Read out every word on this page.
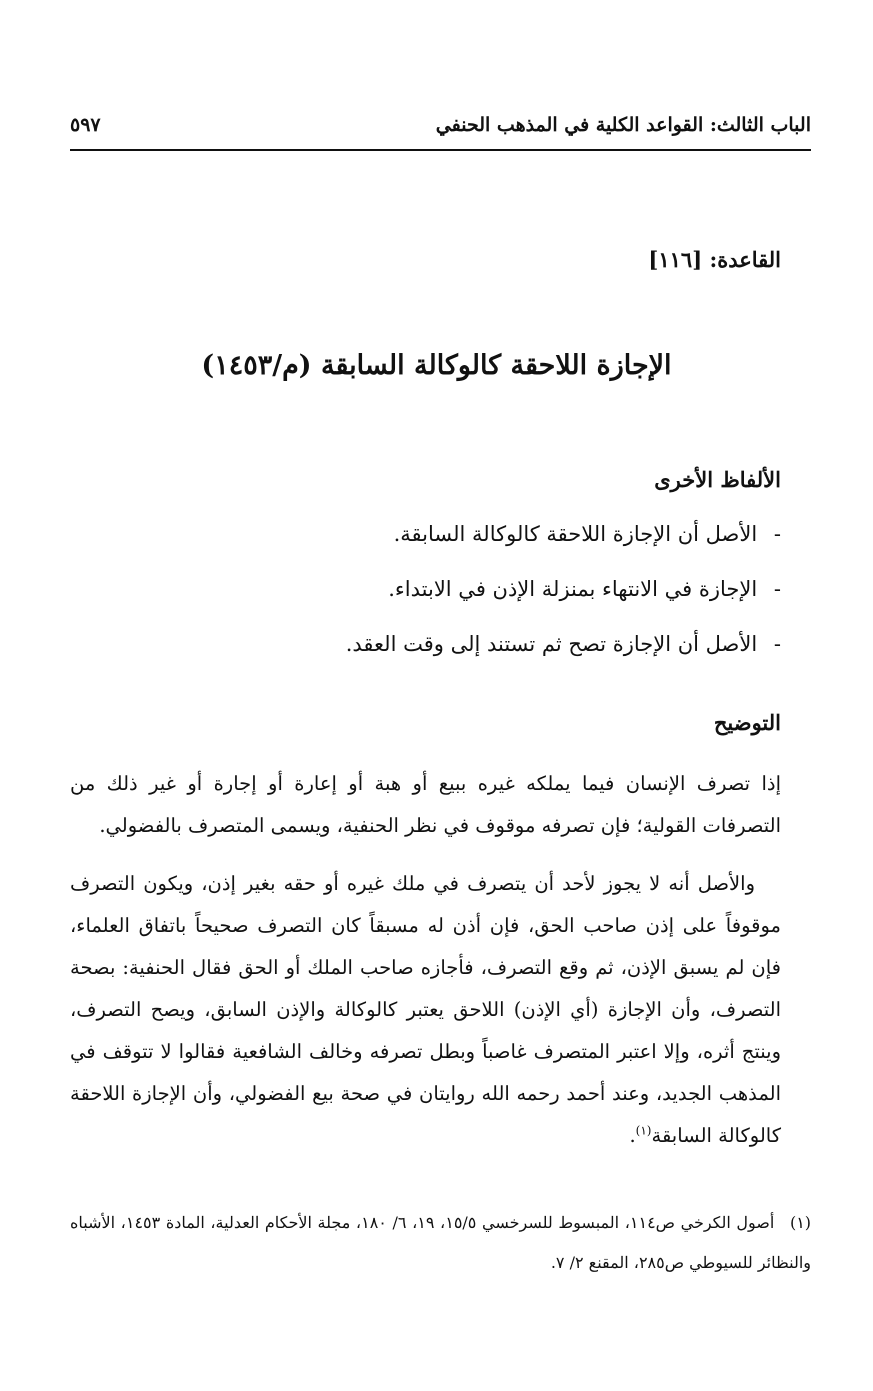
الباب الثالث: القواعد الكلية في المذهب الحنفي
٥٩٧
القاعدة: [١١٦]
الإجازة اللاحقة كالوكالة السابقة (م/١٤٥٣)
الألفاظ الأخرى
- الأصل أن الإجازة اللاحقة كالوكالة السابقة.
- الإجازة في الانتهاء بمنزلة الإذن في الابتداء.
- الأصل أن الإجازة تصح ثم تستند إلى وقت العقد.
التوضيح

إذا تصرف الإنسان فيما يملكه غيره ببيع أو هبة أو إعارة أو إجارة أو غير ذلك من التصرفات القولية؛ فإن تصرفه موقوف في نظر الحنفية، ويسمى المتصرف بالفضولي.

والأصل أنه لا يجوز لأحد أن يتصرف في ملك غيره أو حقه بغير إذن، ويكون التصرف موقوفاً على إذن صاحب الحق، فإن أذن له مسبقاً كان التصرف صحيحاً باتفاق العلماء، فإن لم يسبق الإذن، ثم وقع التصرف، فأجازه صاحب الملك أو الحق فقال الحنفية: بصحة التصرف، وأن الإجازة (أي الإذن) اللاحق يعتبر كالوكالة والإذن السابق، ويصح التصرف، وينتج أثره، وإلا اعتبر المتصرف غاصباً وبطل تصرفه وخالف الشافعية فقالوا لا تتوقف في المذهب الجديد، وعند أحمد رحمه الله روايتان في صحة بيع الفضولي، وأن الإجازة اللاحقة كالوكالة السابقة$^{(١)}$.

(١) أصول الكرخي ص١١٤، المبسوط للسرخسي ١٥/٥، ١٩، ٦/ ١٨٠، مجلة الأحكام العدلية، المادة ١٤٥٣، الأشباه والنظائر للسيوطي ص٢٨٥، المقنع ٢/ ٧.
